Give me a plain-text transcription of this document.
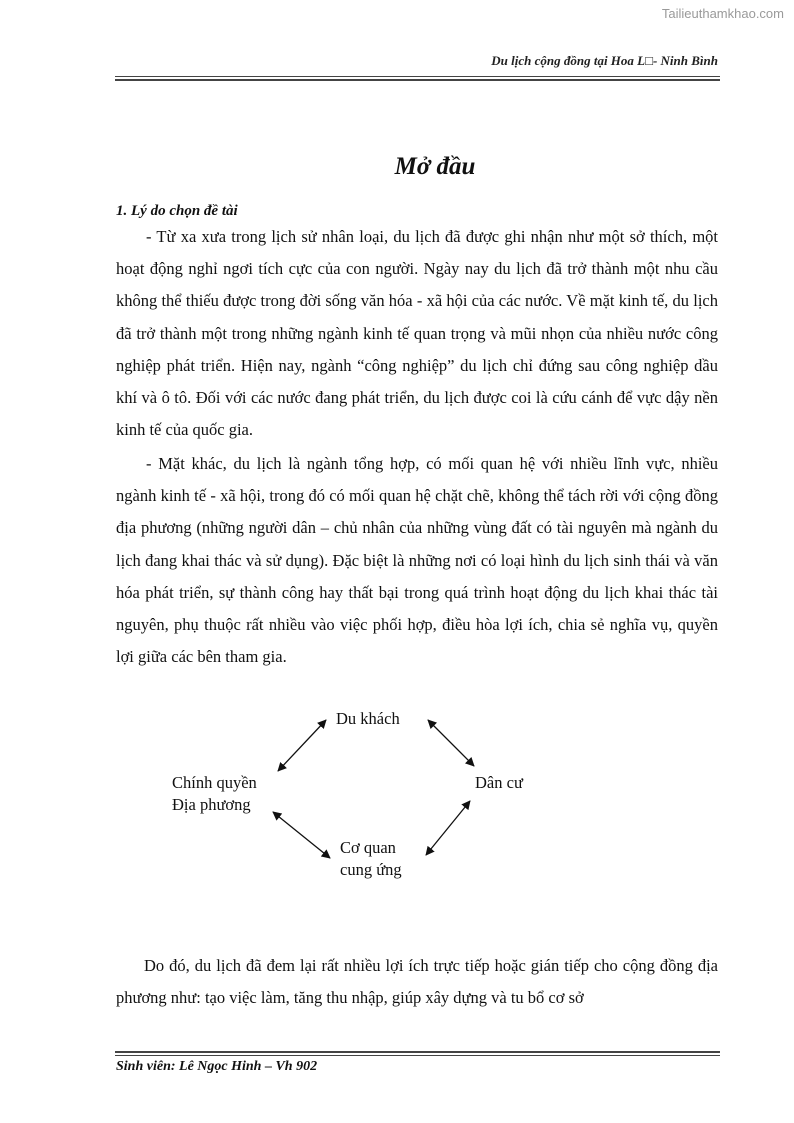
Tailieuthamkhao.com
Du lịch cộng đồng tại Hoa L□- Ninh Bình
Mở đầu
1. Lý do chọn đề tài

- Từ xa xưa trong lịch sử nhân loại, du lịch đã được ghi nhận như một sở thích, một hoạt động nghỉ ngơi tích cực của con người. Ngày nay du lịch đã trở thành một nhu cầu không thể thiếu được trong đời sống văn hóa - xã hội của các nước. Về mặt kinh tế, du lịch đã trở thành một trong những ngành kinh tế quan trọng và mũi nhọn của nhiều nước công nghiệp phát triển. Hiện nay, ngành “công nghiệp” du lịch chỉ đứng sau công nghiệp dầu khí và ô tô. Đối với các nước đang phát triển, du lịch được coi là cứu cánh để vực dậy nền kinh tế của quốc gia.

- Mặt khác, du lịch là ngành tổng hợp, có mối quan hệ với nhiều lĩnh vực, nhiều ngành kinh tế - xã hội, trong đó có mối quan hệ chặt chẽ, không thể tách rời với cộng đồng địa phương (những người dân – chủ nhân của những vùng đất có tài nguyên mà ngành du lịch đang khai thác và sử dụng). Đặc biệt là những nơi có loại hình du lịch sinh thái và văn hóa phát triển, sự thành công hay thất bại trong quá trình hoạt động du lịch khai thác tài nguyên, phụ thuộc rất nhiều vào việc phối hợp, điều hòa lợi ích, chia sẻ nghĩa vụ, quyền lợi giữa các bên tham gia.

Du khách
Chính quyền
Địa phương
Dân cư
Cơ quan
cung ứng

Do đó, du lịch đã đem lại rất nhiều lợi ích trực tiếp hoặc gián tiếp cho cộng đồng địa phương như: tạo việc làm, tăng thu nhập, giúp xây dựng và tu bổ cơ sở

Sinh viên: Lê Ngọc Hinh – Vh 902
